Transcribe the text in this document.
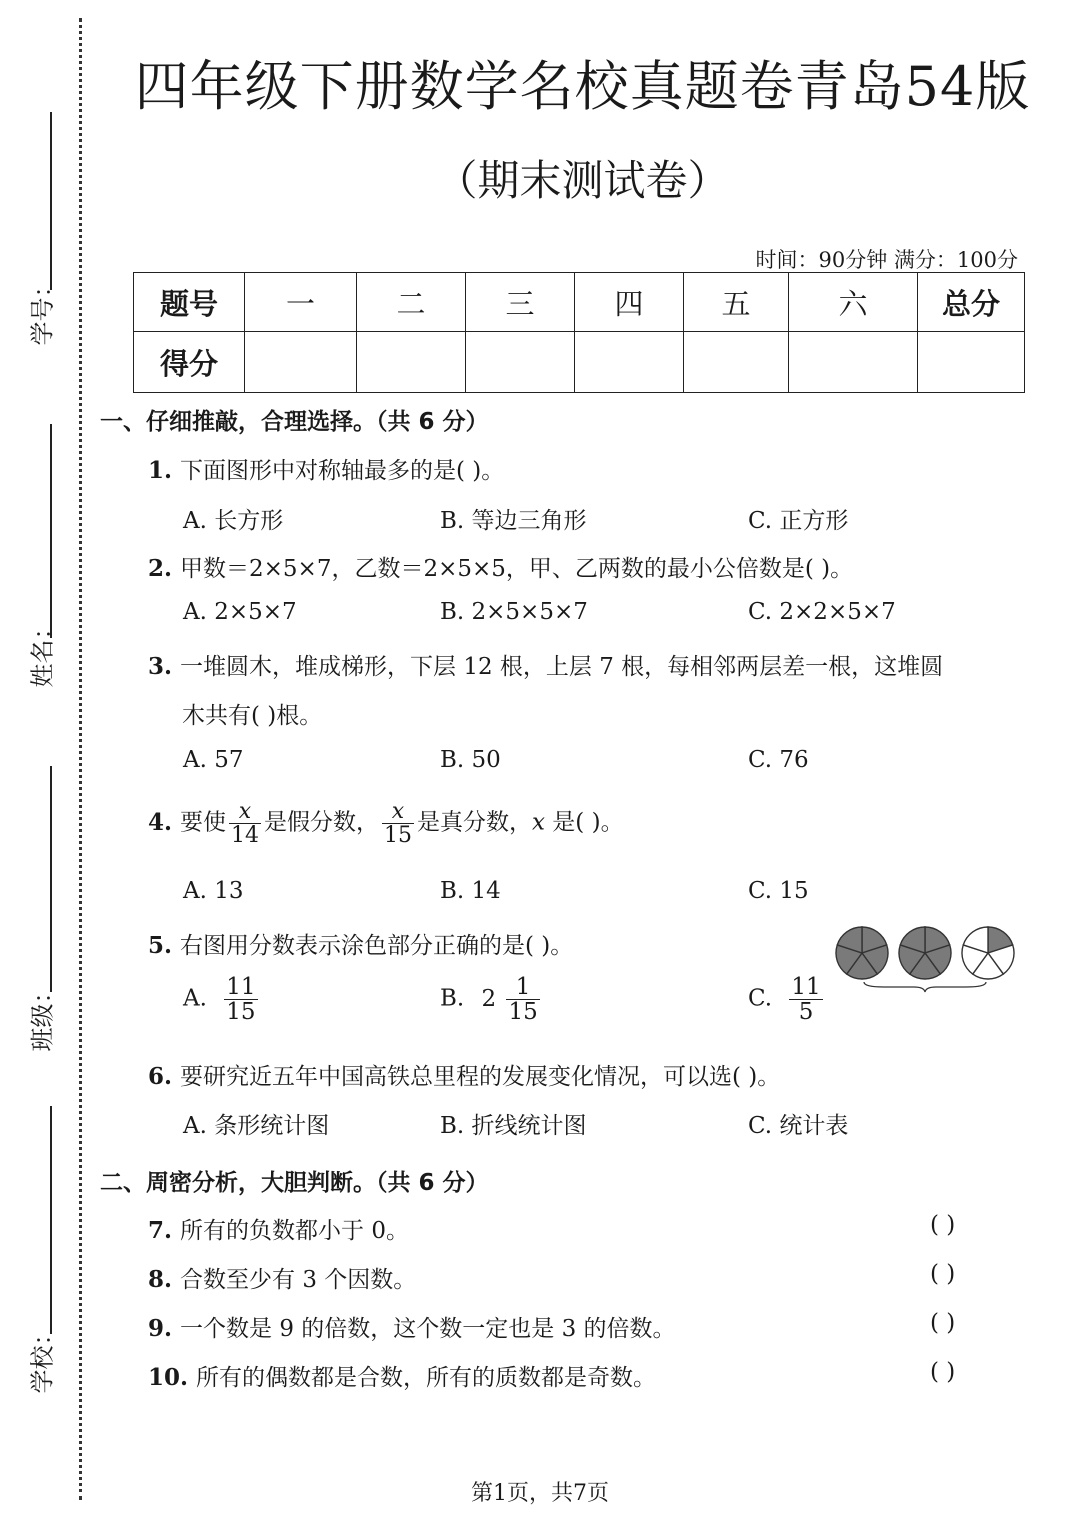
学号：
姓名：
班级：
学校：
四年级下册数学名校真题卷青岛54版
（期末测试卷）
时间：90分钟 满分：100分
题号	一	二	三	四	五	六	总分
得分							
一、仔细推敲，合理选择。（共 6 分）
1. 下面图形中对称轴最多的是( )。
A. 长方形	B. 等边三角形	C. 正方形
2. 甲数＝2×5×7，乙数＝2×5×5，甲、乙两数的最小公倍数是( )。
A. 2×5×7	B. 2×5×5×7	C. 2×2×5×7
3. 一堆圆木，堆成梯形，下层 12 根，上层 7 根，每相邻两层差一根，这堆圆
木共有( )根。
A. 57	B. 50	C. 76
4. 要使 $\frac{x}{14}$ 是假分数， $\frac{x}{15}$ 是真分数，x 是( )。
A. 13	B. 14	C. 15
5. 右图用分数表示涂色部分正确的是( )。
A. $\frac{11}{15}$	B. $2 \frac{1}{15}$	C. $\frac{11}{5}$
6. 要研究近五年中国高铁总里程的发展变化情况，可以选( )。
A. 条形统计图	B. 折线统计图	C. 统计表
二、周密分析，大胆判断。（共 6 分）
7. 所有的负数都小于 0。	( )
8. 合数至少有 3 个因数。	( )
9. 一个数是 9 的倍数，这个数一定也是 3 的倍数。	( )
10. 所有的偶数都是合数，所有的质数都是奇数。	( )
第1页，共7页
